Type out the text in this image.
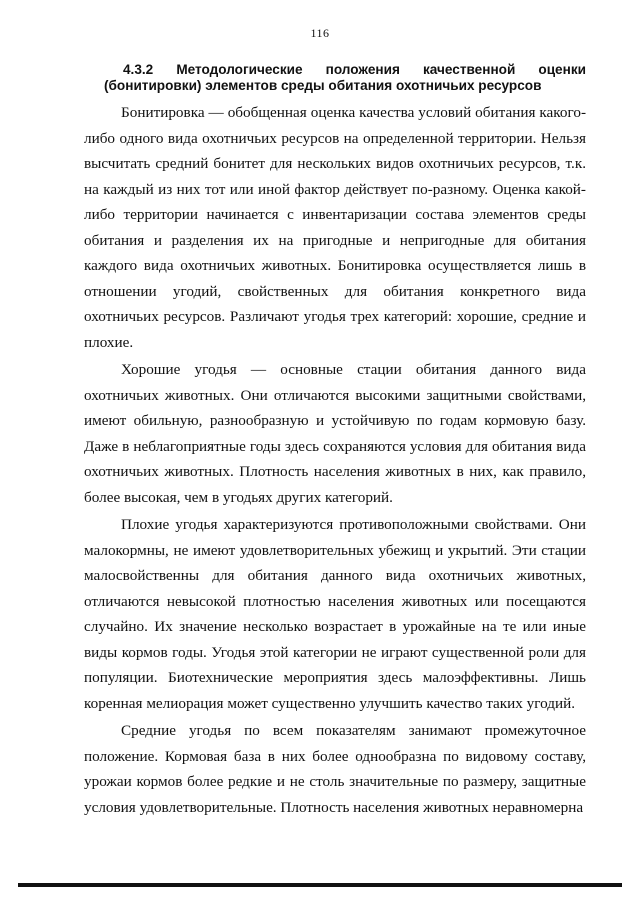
116
4.3.2 Методологические положения качественной оценки
(бонитировки) элементов среды обитания охотничьих ресурсов

Бонитировка — обобщенная оценка качества условий обитания какого-либо одного вида охотничьих ресурсов на определенной территории. Нельзя высчитать средний бонитет для нескольких видов охотничьих ресурсов, т.к. на каждый из них тот или иной фактор действует по-разному. Оценка какой-либо территории начинается с инвентаризации состава элементов среды обитания и разделения их на пригодные и непригодные для обитания каждого вида охотничьих животных. Бонитировка осуществляется лишь в отношении угодий, свойственных для обитания конкретного вида охотничьих ресурсов. Различают угодья трех категорий: хорошие, средние и плохие.

Хорошие угодья — основные стации обитания данного вида охотничьих животных. Они отличаются высокими защитными свойствами, имеют обильную, разнообразную и устойчивую по годам кормовую базу. Даже в неблагоприятные годы здесь сохраняются условия для обитания вида охотничьих животных. Плотность населения животных в них, как правило, более высокая, чем в угодьях других категорий.

Плохие угодья характеризуются противоположными свойствами. Они малокормны, не имеют удовлетворительных убежищ и укрытий. Эти стации малосвойственны для обитания данного вида охотничьих животных, отличаются невысокой плотностью населения животных или посещаются случайно. Их значение несколько возрастает в урожайные на те или иные виды кормов годы. Угодья этой категории не играют существенной роли для популяции. Биотехнические мероприятия здесь малоэффективны. Лишь коренная мелиорация может существенно улучшить качество таких угодий.

Средние угодья по всем показателям занимают промежуточное положение. Кормовая база в них более однообразна по видовому составу, урожаи кормов более редкие и не столь значительные по размеру, защитные условия удовлетворительные. Плотность населения животных неравномерна
